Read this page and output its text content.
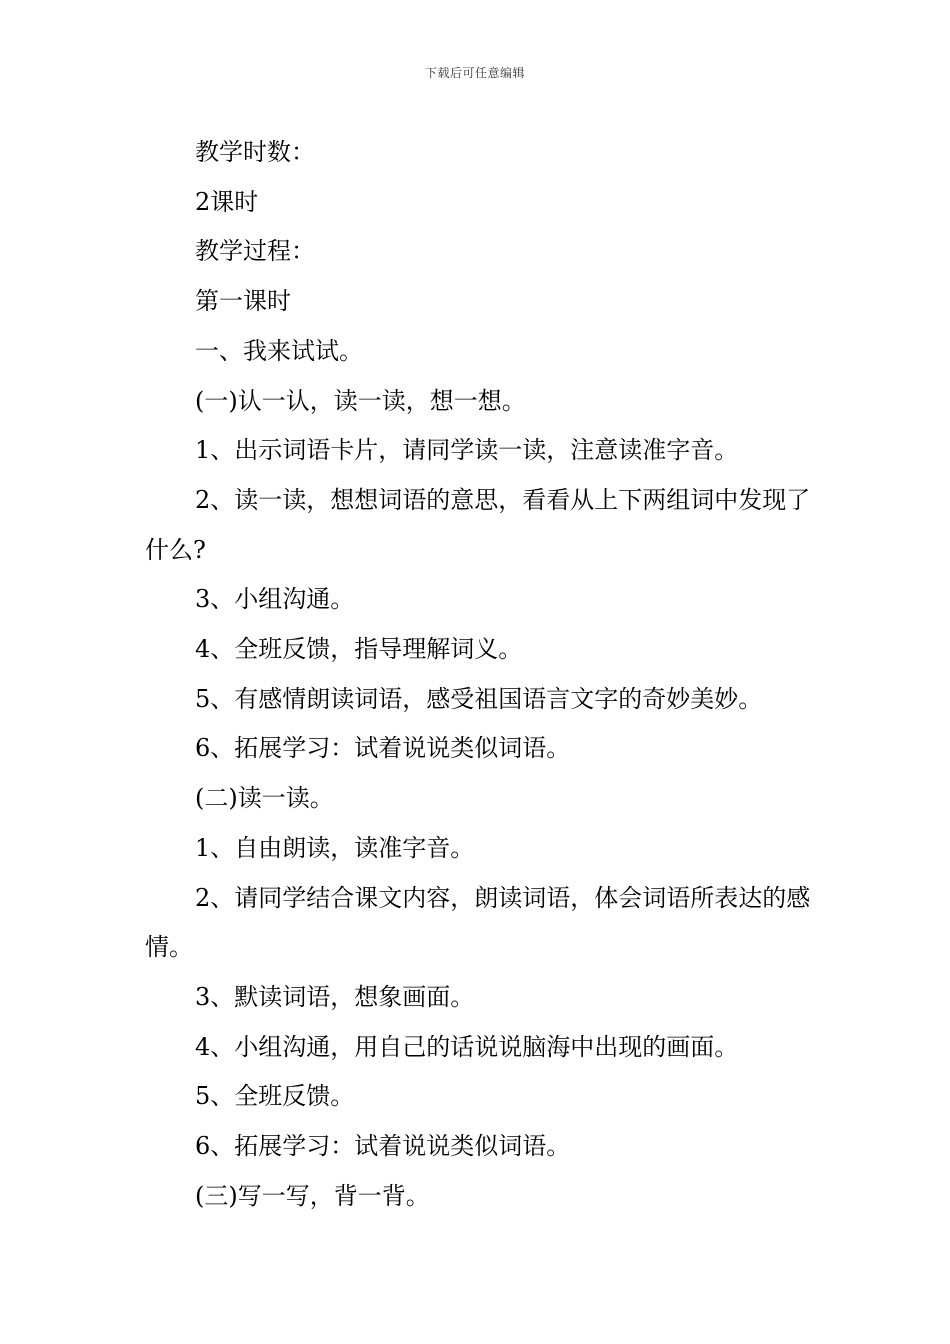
下载后可任意编辑

教学时数：

2课时

教学过程：

第一课时

一、我来试试。

(一)认一认，读一读，想一想。

1、出示词语卡片，请同学读一读，注意读准字音。

2、读一读，想想词语的意思，看看从上下两组词中发现了什么?

3、小组沟通。

4、全班反馈，指导理解词义。

5、有感情朗读词语，感受祖国语言文字的奇妙美妙。

6、拓展学习：试着说说类似词语。

(二)读一读。

1、自由朗读，读准字音。

2、请同学结合课文内容，朗读词语，体会词语所表达的感情。

3、默读词语，想象画面。

4、小组沟通，用自己的话说说脑海中出现的画面。

5、全班反馈。

6、拓展学习：试着说说类似词语。

(三)写一写，背一背。
